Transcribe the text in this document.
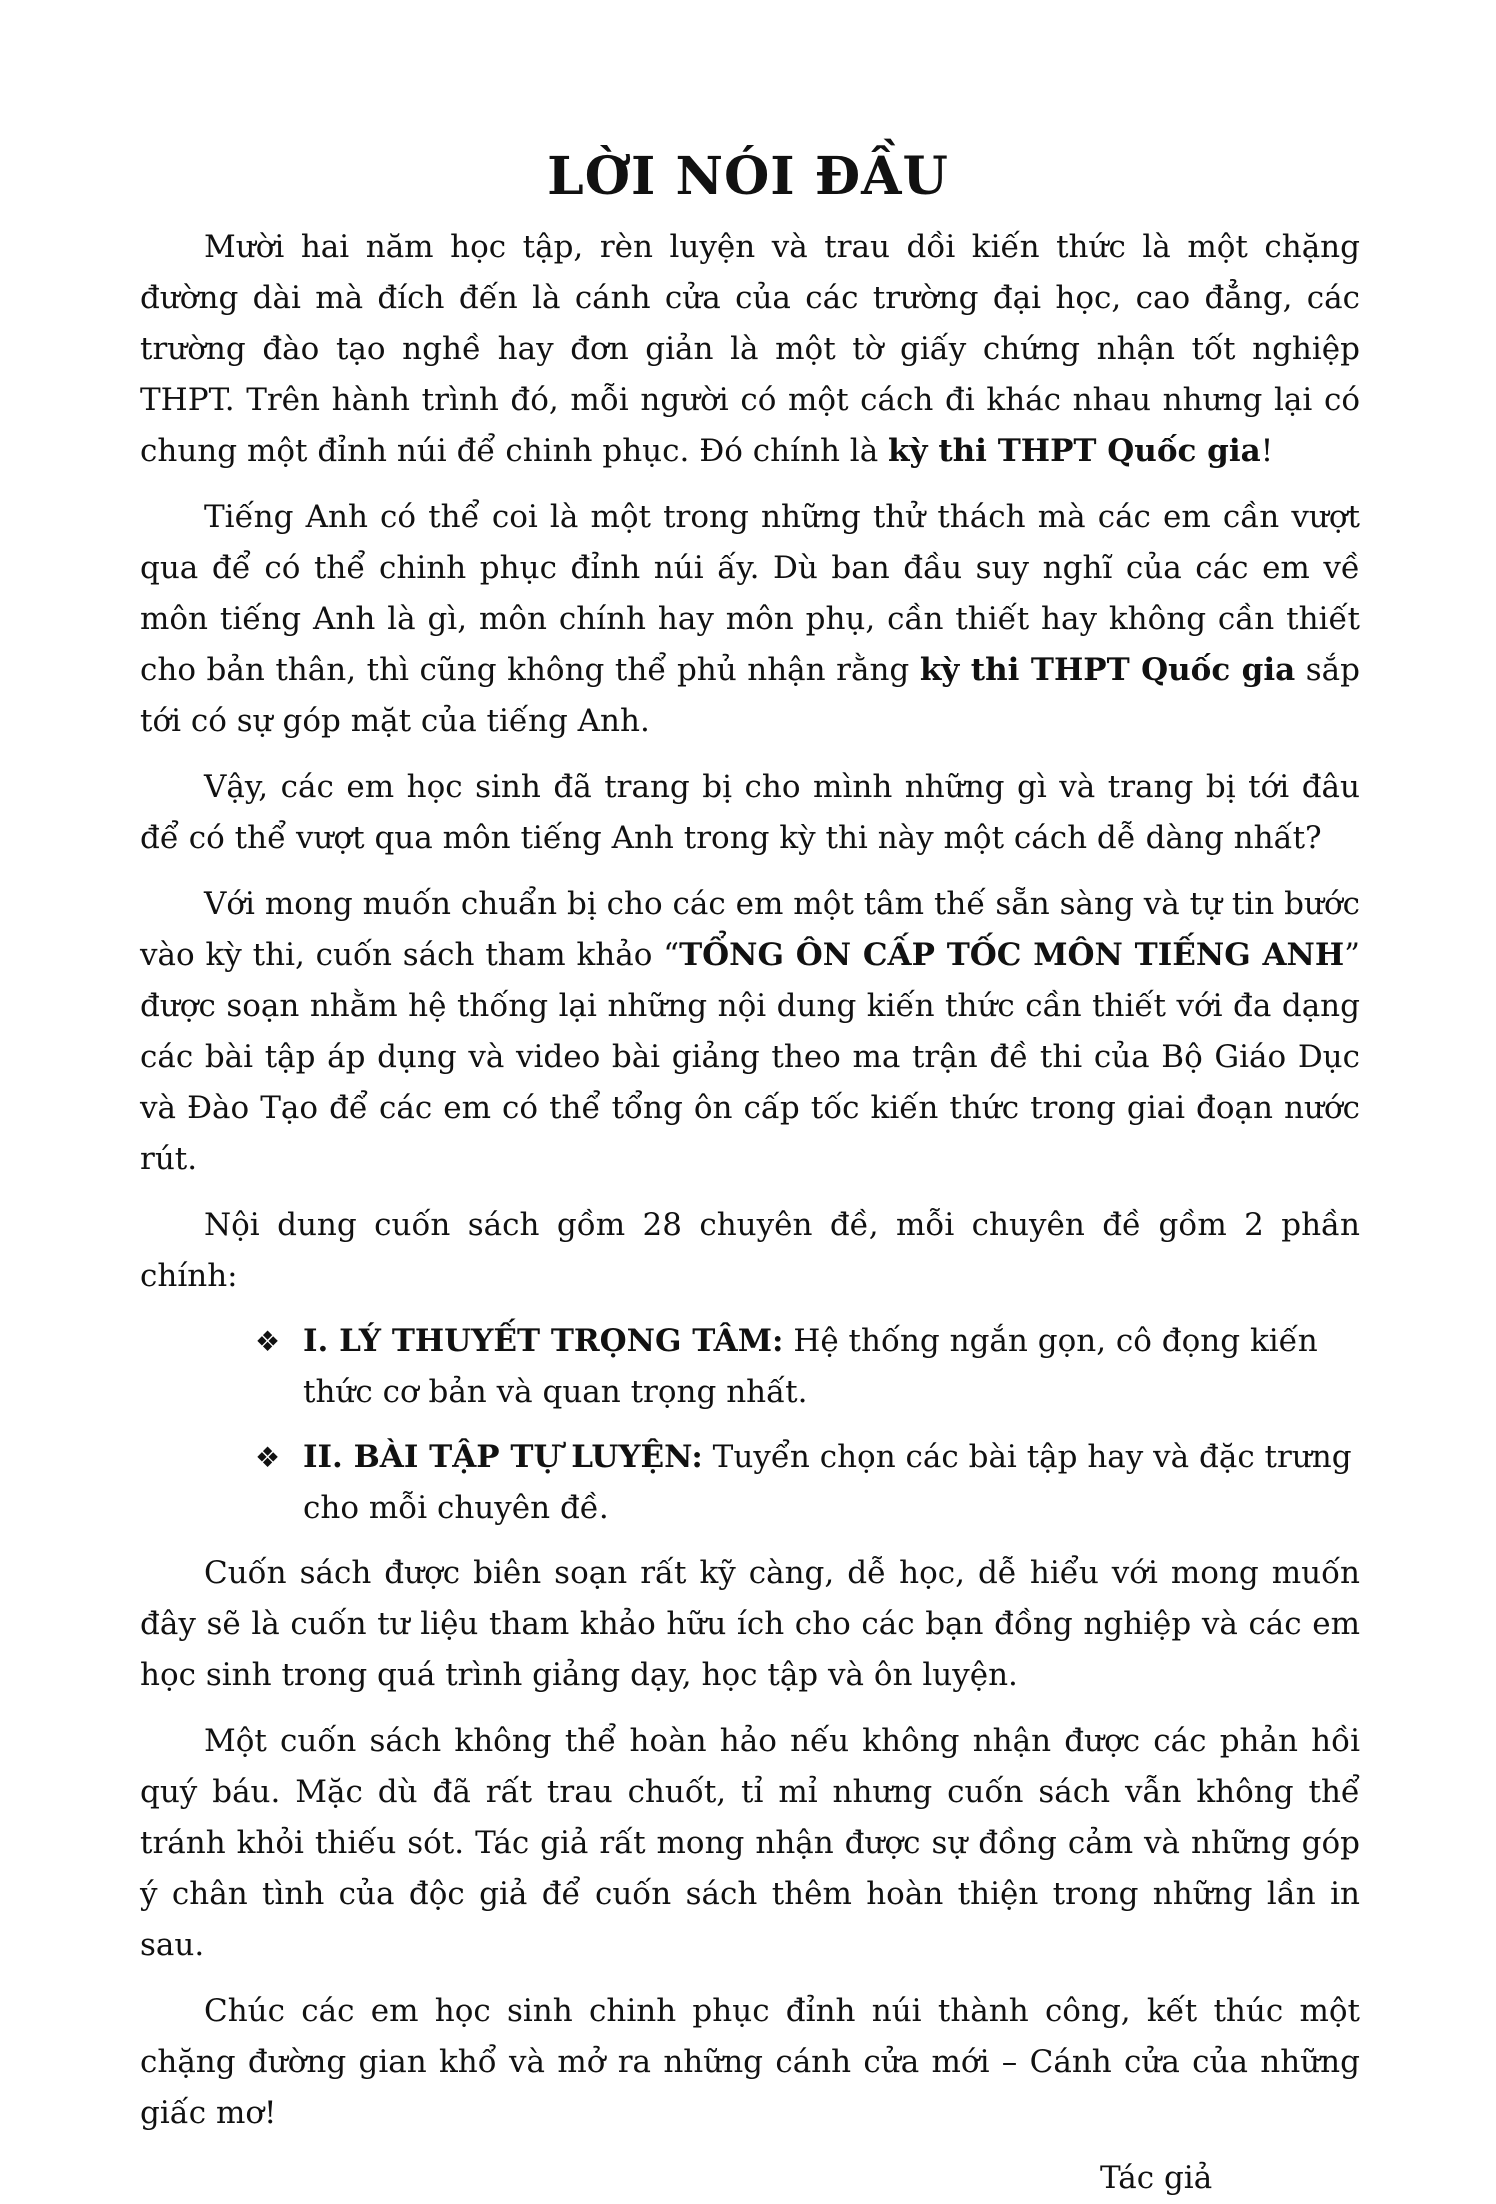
LỜI NÓI ĐẦU

Mười hai năm học tập, rèn luyện và trau dồi kiến thức là một chặng đường dài mà đích đến là cánh cửa của các trường đại học, cao đẳng, các trường đào tạo nghề hay đơn giản là một tờ giấy chứng nhận tốt nghiệp THPT. Trên hành trình đó, mỗi người có một cách đi khác nhau nhưng lại có chung một đỉnh núi để chinh phục. Đó chính là kỳ thi THPT Quốc gia!

Tiếng Anh có thể coi là một trong những thử thách mà các em cần vượt qua để có thể chinh phục đỉnh núi ấy. Dù ban đầu suy nghĩ của các em về môn tiếng Anh là gì, môn chính hay môn phụ, cần thiết hay không cần thiết cho bản thân, thì cũng không thể phủ nhận rằng kỳ thi THPT Quốc gia sắp tới có sự góp mặt của tiếng Anh.

Vậy, các em học sinh đã trang bị cho mình những gì và trang bị tới đâu để có thể vượt qua môn tiếng Anh trong kỳ thi này một cách dễ dàng nhất?

Với mong muốn chuẩn bị cho các em một tâm thế sẵn sàng và tự tin bước vào kỳ thi, cuốn sách tham khảo “TỔNG ÔN CẤP TỐC MÔN TIẾNG ANH” được soạn nhằm hệ thống lại những nội dung kiến thức cần thiết với đa dạng các bài tập áp dụng và video bài giảng theo ma trận đề thi của Bộ Giáo Dục và Đào Tạo để các em có thể tổng ôn cấp tốc kiến thức trong giai đoạn nước rút.

Nội dung cuốn sách gồm 28 chuyên đề, mỗi chuyên đề gồm 2 phần chính:

❖ I. LÝ THUYẾT TRỌNG TÂM: Hệ thống ngắn gọn, cô đọng kiến thức cơ bản và quan trọng nhất.
❖ II. BÀI TẬP TỰ LUYỆN: Tuyển chọn các bài tập hay và đặc trưng cho mỗi chuyên đề.

Cuốn sách được biên soạn rất kỹ càng, dễ học, dễ hiểu với mong muốn đây sẽ là cuốn tư liệu tham khảo hữu ích cho các bạn đồng nghiệp và các em học sinh trong quá trình giảng dạy, học tập và ôn luyện.

Một cuốn sách không thể hoàn hảo nếu không nhận được các phản hồi quý báu. Mặc dù đã rất trau chuốt, tỉ mỉ nhưng cuốn sách vẫn không thể tránh khỏi thiếu sót. Tác giả rất mong nhận được sự đồng cảm và những góp ý chân tình của độc giả để cuốn sách thêm hoàn thiện trong những lần in sau.

Chúc các em học sinh chinh phục đỉnh núi thành công, kết thúc một chặng đường gian khổ và mở ra những cánh cửa mới – Cánh cửa của những giấc mơ!

Tác giả
